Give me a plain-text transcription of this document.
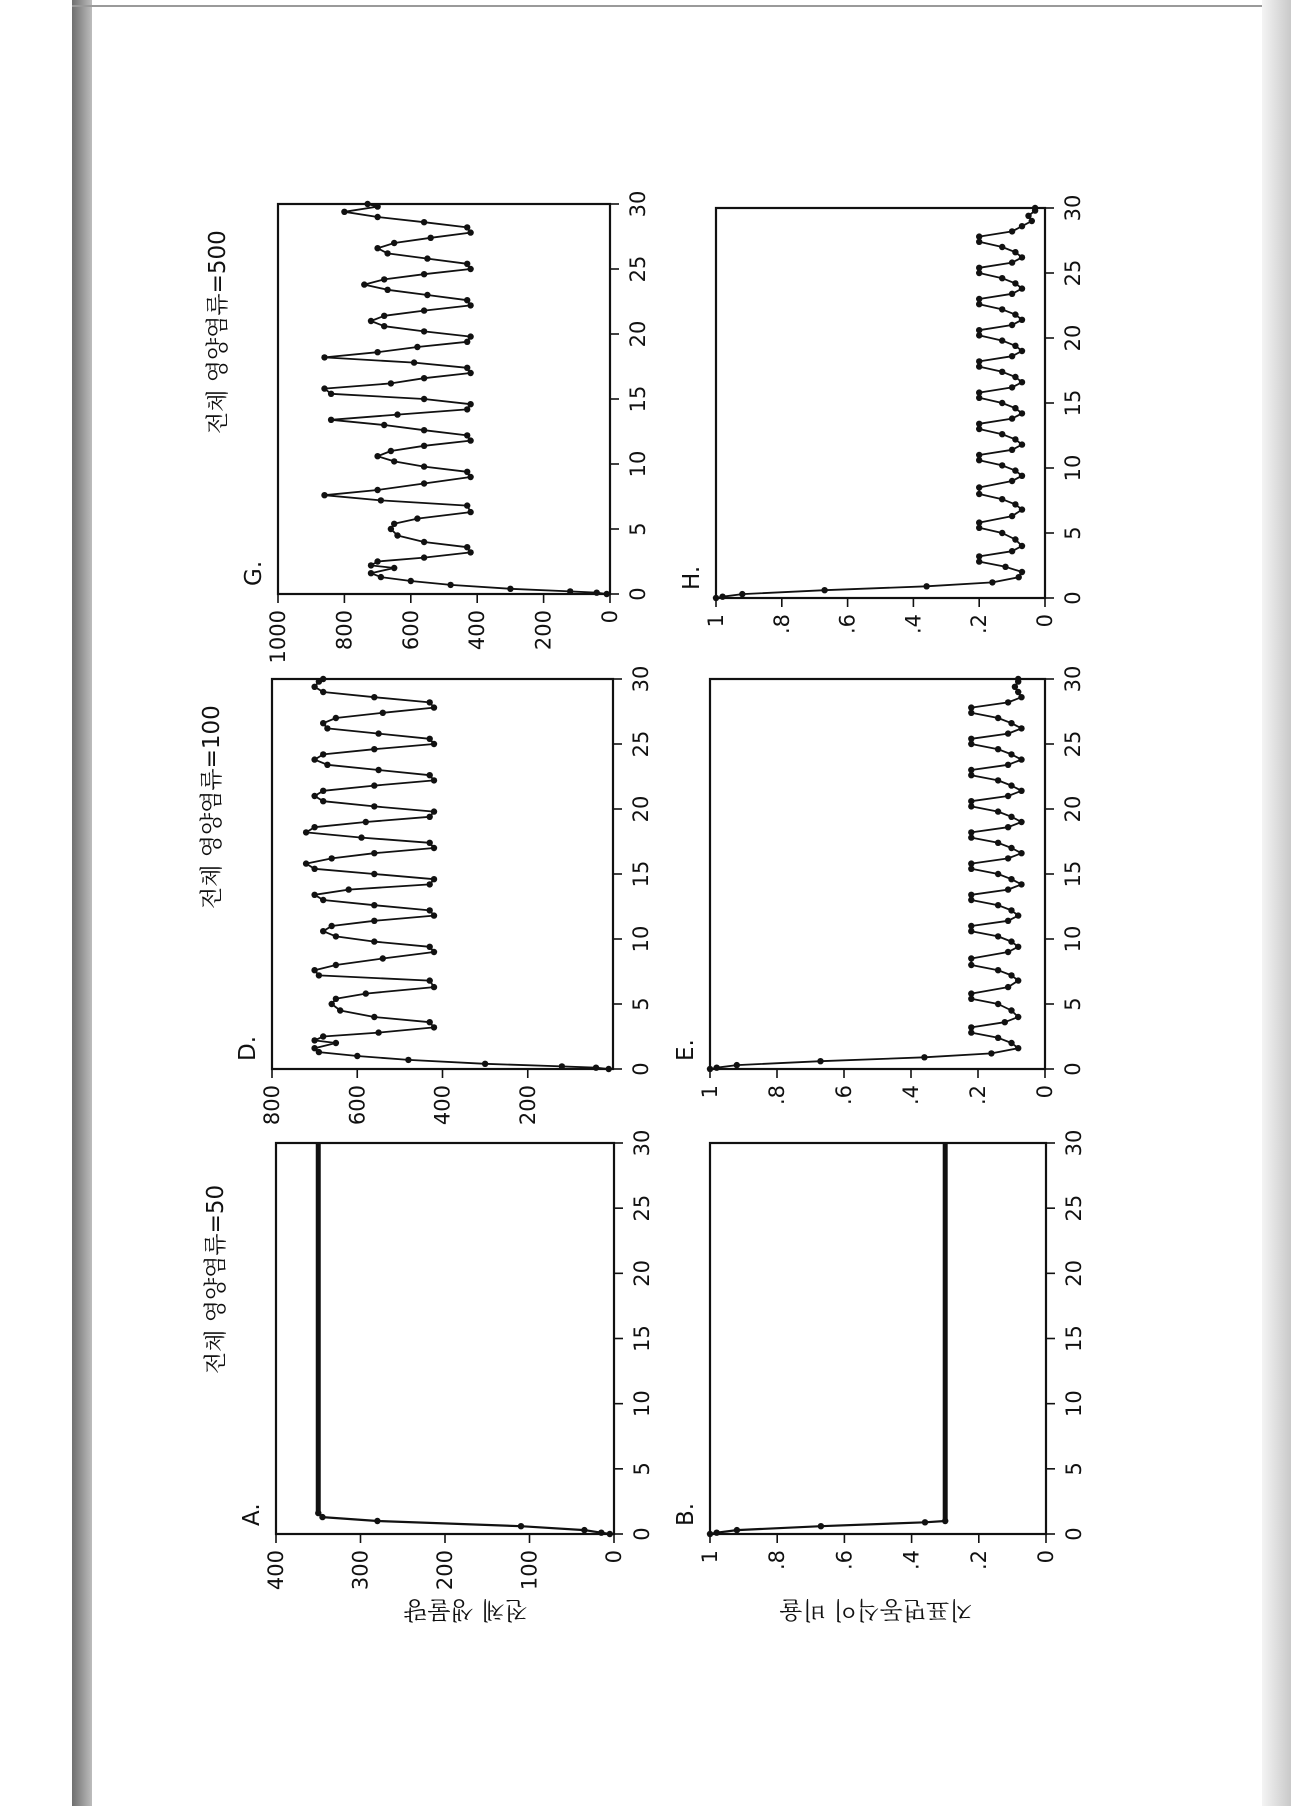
0
5
10
15
20
25
30
0
100
200
300
400
A.
전체 영양염류=50
0
5
10
15
20
25
30
0
.2
.4
.6
.8
1
B.
0
5
10
15
20
25
30
200
400
600
800
D.
전체 영양염류=100
0
5
10
15
20
25
30
0
.2
.4
.6
.8
1
E.
0
5
10
15
20
25
30
0
200
400
600
800
1000
G.
전체 영양염류=500
0
5
10
15
20
25
30
0
.2
.4
.6
.8
1
H.
전체 생물량	지표면동식이 비율
